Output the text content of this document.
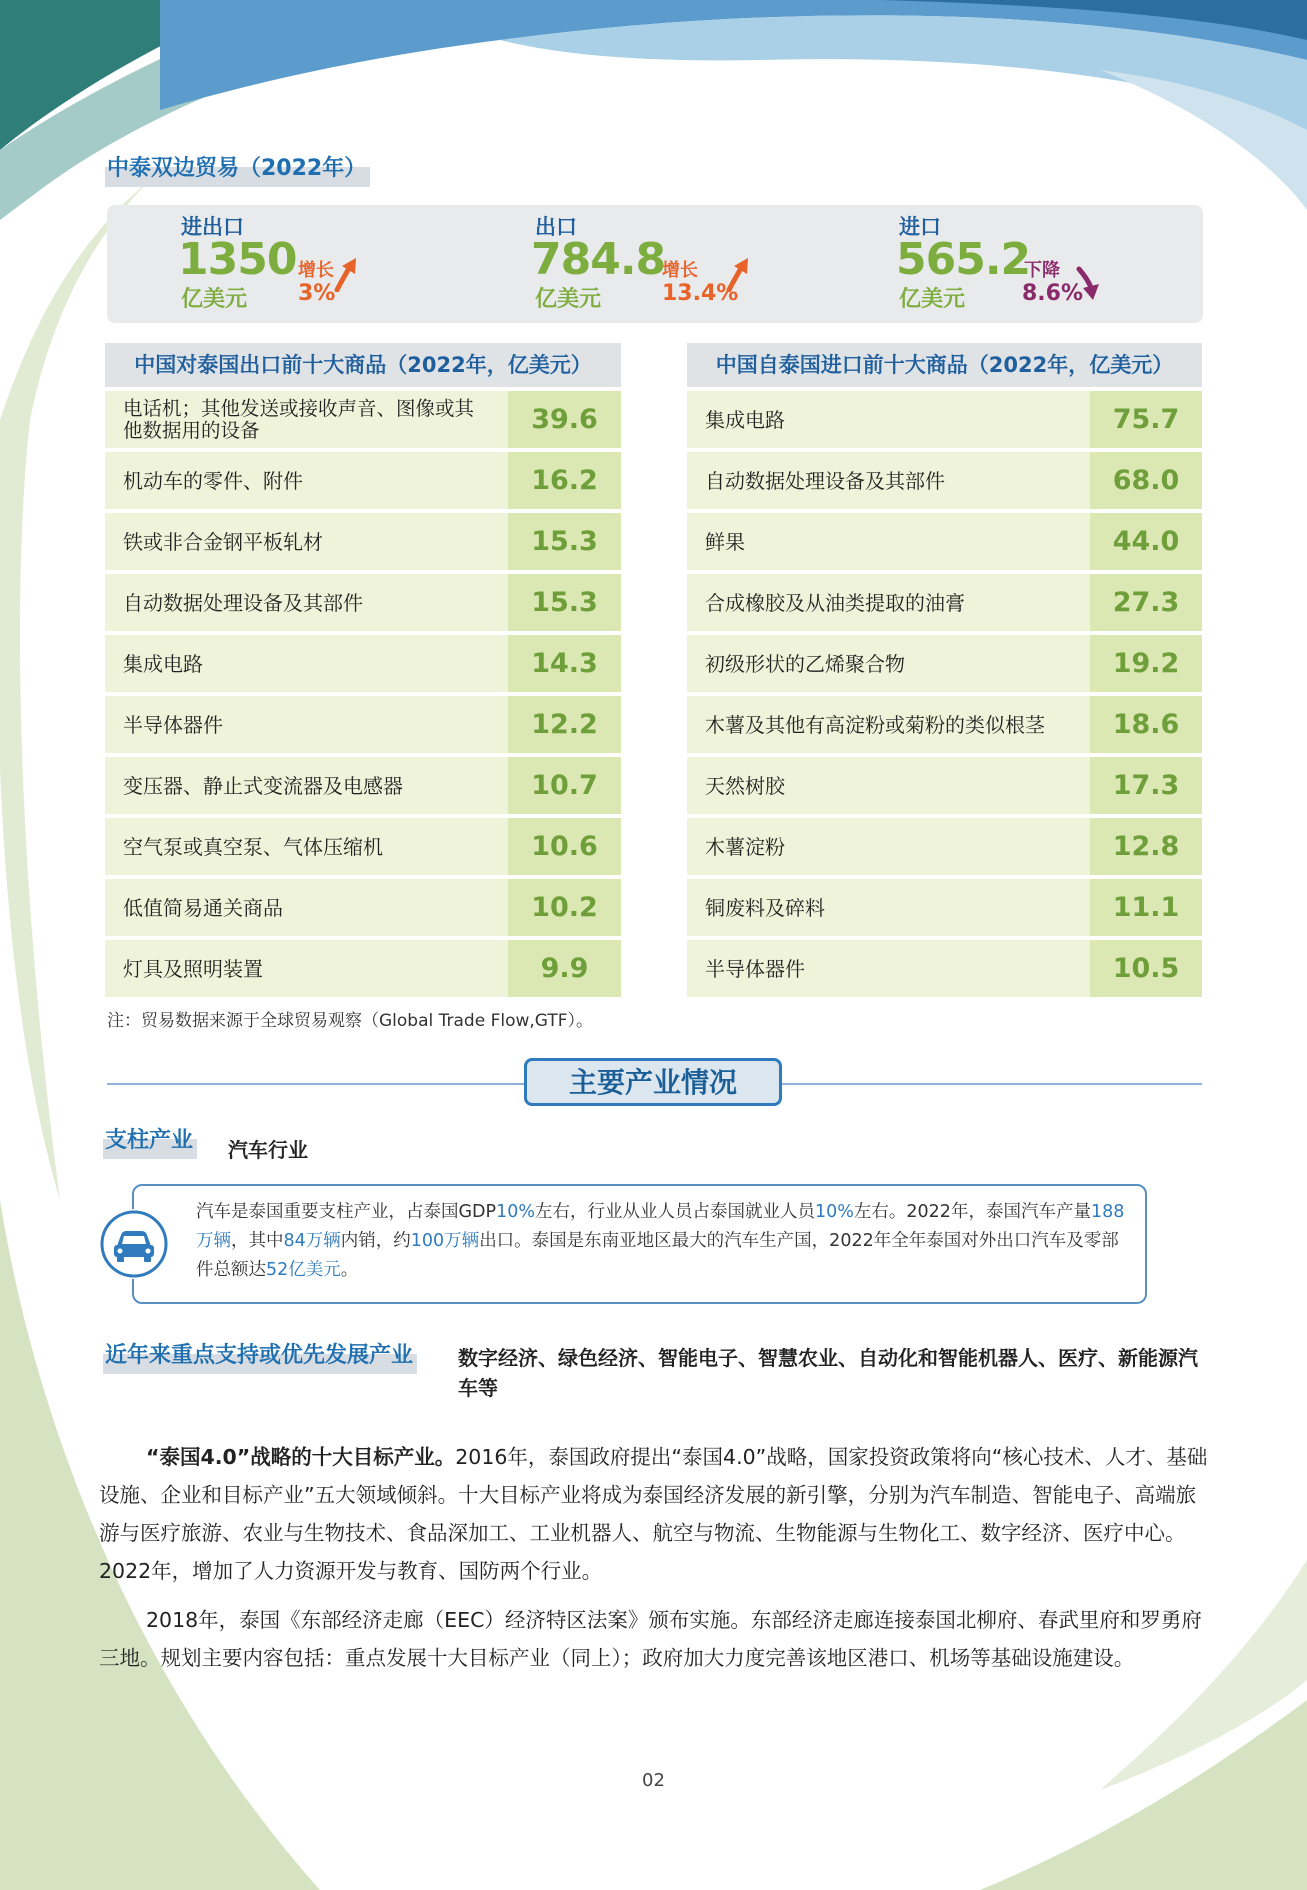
中泰双边贸易（2022年）
进出口
1350
亿美元
增长
3%
出口
784.8
亿美元
增长
13.4%
进口
565.2
亿美元
下降
8.6%
中国对泰国出口前十大商品（2022年，亿美元）
电话机；其他发送或接收声音、图像或其他数据用的设备	39.6
机动车的零件、附件	16.2
铁或非合金钢平板轧材	15.3
自动数据处理设备及其部件	15.3
集成电路	14.3
半导体器件	12.2
变压器、静止式变流器及电感器	10.7
空气泵或真空泵、气体压缩机	10.6
低值简易通关商品	10.2
灯具及照明装置	9.9
中国自泰国进口前十大商品（2022年，亿美元）
集成电路	75.7
自动数据处理设备及其部件	68.0
鲜果	44.0
合成橡胶及从油类提取的油膏	27.3
初级形状的乙烯聚合物	19.2
木薯及其他有高淀粉或菊粉的类似根茎	18.6
天然树胶	17.3
木薯淀粉	12.8
铜废料及碎料	11.1
半导体器件	10.5
注：贸易数据来源于全球贸易观察（Global Trade Flow,GTF）。
主要产业情况
支柱产业 汽车行业
汽车是泰国重要支柱产业，占泰国GDP10%左右，行业从业人员占泰国就业人员10%左右。2022年，泰国汽车产量188万辆，其中84万辆内销，约100万辆出口。泰国是东南亚地区最大的汽车生产国，2022年全年泰国对外出口汽车及零部件总额达52亿美元。
近年来重点支持或优先发展产业 数字经济、绿色经济、智能电子、智慧农业、自动化和智能机器人、医疗、新能源汽车等
“泰国4.0”战略的十大目标产业。2016年，泰国政府提出“泰国4.0”战略，国家投资政策将向“核心技术、人才、基础设施、企业和目标产业”五大领域倾斜。十大目标产业将成为泰国经济发展的新引擎，分别为汽车制造、智能电子、高端旅游与医疗旅游、农业与生物技术、食品深加工、工业机器人、航空与物流、生物能源与生物化工、数字经济、医疗中心。2022年，增加了人力资源开发与教育、国防两个行业。
2018年，泰国《东部经济走廊（EEC）经济特区法案》颁布实施。东部经济走廊连接泰国北柳府、春武里府和罗勇府三地。规划主要内容包括：重点发展十大目标产业（同上）；政府加大力度完善该地区港口、机场等基础设施建设。
02
